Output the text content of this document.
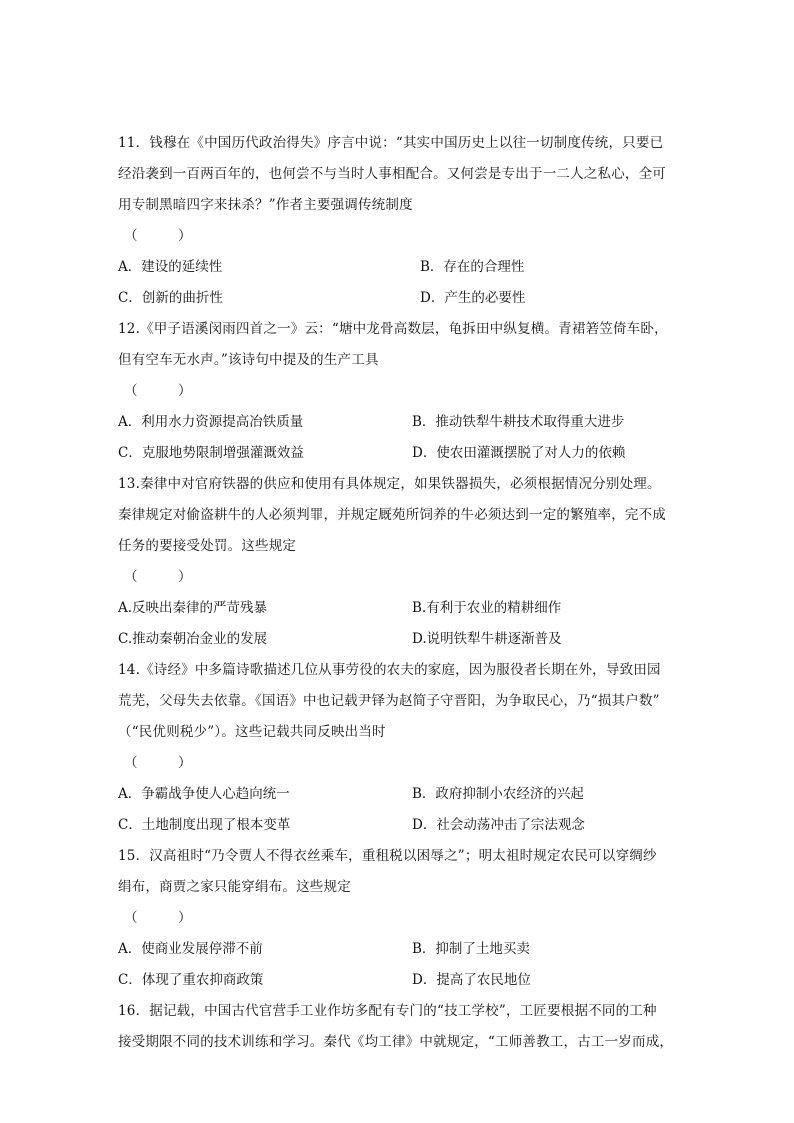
11．钱穆在《中国历代政治得失》序言中说：“其实中国历史上以往一切制度传统，只要已
经沿袭到一百两百年的，也何尝不与当时人事相配合。又何尝是专出于一二人之私心，全可
用专制黑暗四字来抹杀？”作者主要强调传统制度
（　　　）
A．建设的延续性	B．存在的合理性
C．创新的曲折性	D．产生的必要性
12.《甲子语溪闵雨四首之一》云：“塘中龙骨高数层，龟拆田中纵复横。青裙箬笠倚车卧，
但有空车无水声。”该诗句中提及的生产工具
（　　　）
A．利用水力资源提高冶铁质量	B．推动铁犁牛耕技术取得重大进步
C．克服地势限制增强灌溉效益	D．使农田灌溉摆脱了对人力的依赖
13.秦律中对官府铁器的供应和使用有具体规定，如果铁器损失，必须根据情况分别处理。
秦律规定对偷盗耕牛的人必须判罪，并规定厩苑所饲养的牛必须达到一定的繁殖率，完不成
任务的要接受处罚。这些规定
（　　　）
A.反映出秦律的严苛残暴	B.有利于农业的精耕细作
C.推动秦朝冶金业的发展	D.说明铁犁牛耕逐渐普及
14.《诗经》中多篇诗歌描述几位从事劳役的农夫的家庭，因为服役者长期在外，导致田园
荒芜，父母失去依靠。《国语》中也记载尹铎为赵简子守晋阳，为争取民心，乃“损其户数”
（“民优则税少”）。这些记载共同反映出当时
（　　　）
A．争霸战争使人心趋向统一	B．政府抑制小农经济的兴起
C．土地制度出现了根本变革	D．社会动荡冲击了宗法观念
15．汉高祖时“乃令贾人不得衣丝乘车，重租税以困辱之”；明太祖时规定农民可以穿绸纱
绢布，商贾之家只能穿绢布。这些规定
（　　　）
A．使商业发展停滞不前	B．抑制了土地买卖
C．体现了重农抑商政策	D．提高了农民地位
16．据记载，中国古代官营手工业作坊多配有专门的“技工学校”，工匠要根据不同的工种
接受期限不同的技术训练和学习。秦代《均工律》中就规定，“工师善教工，古工一岁而成，
